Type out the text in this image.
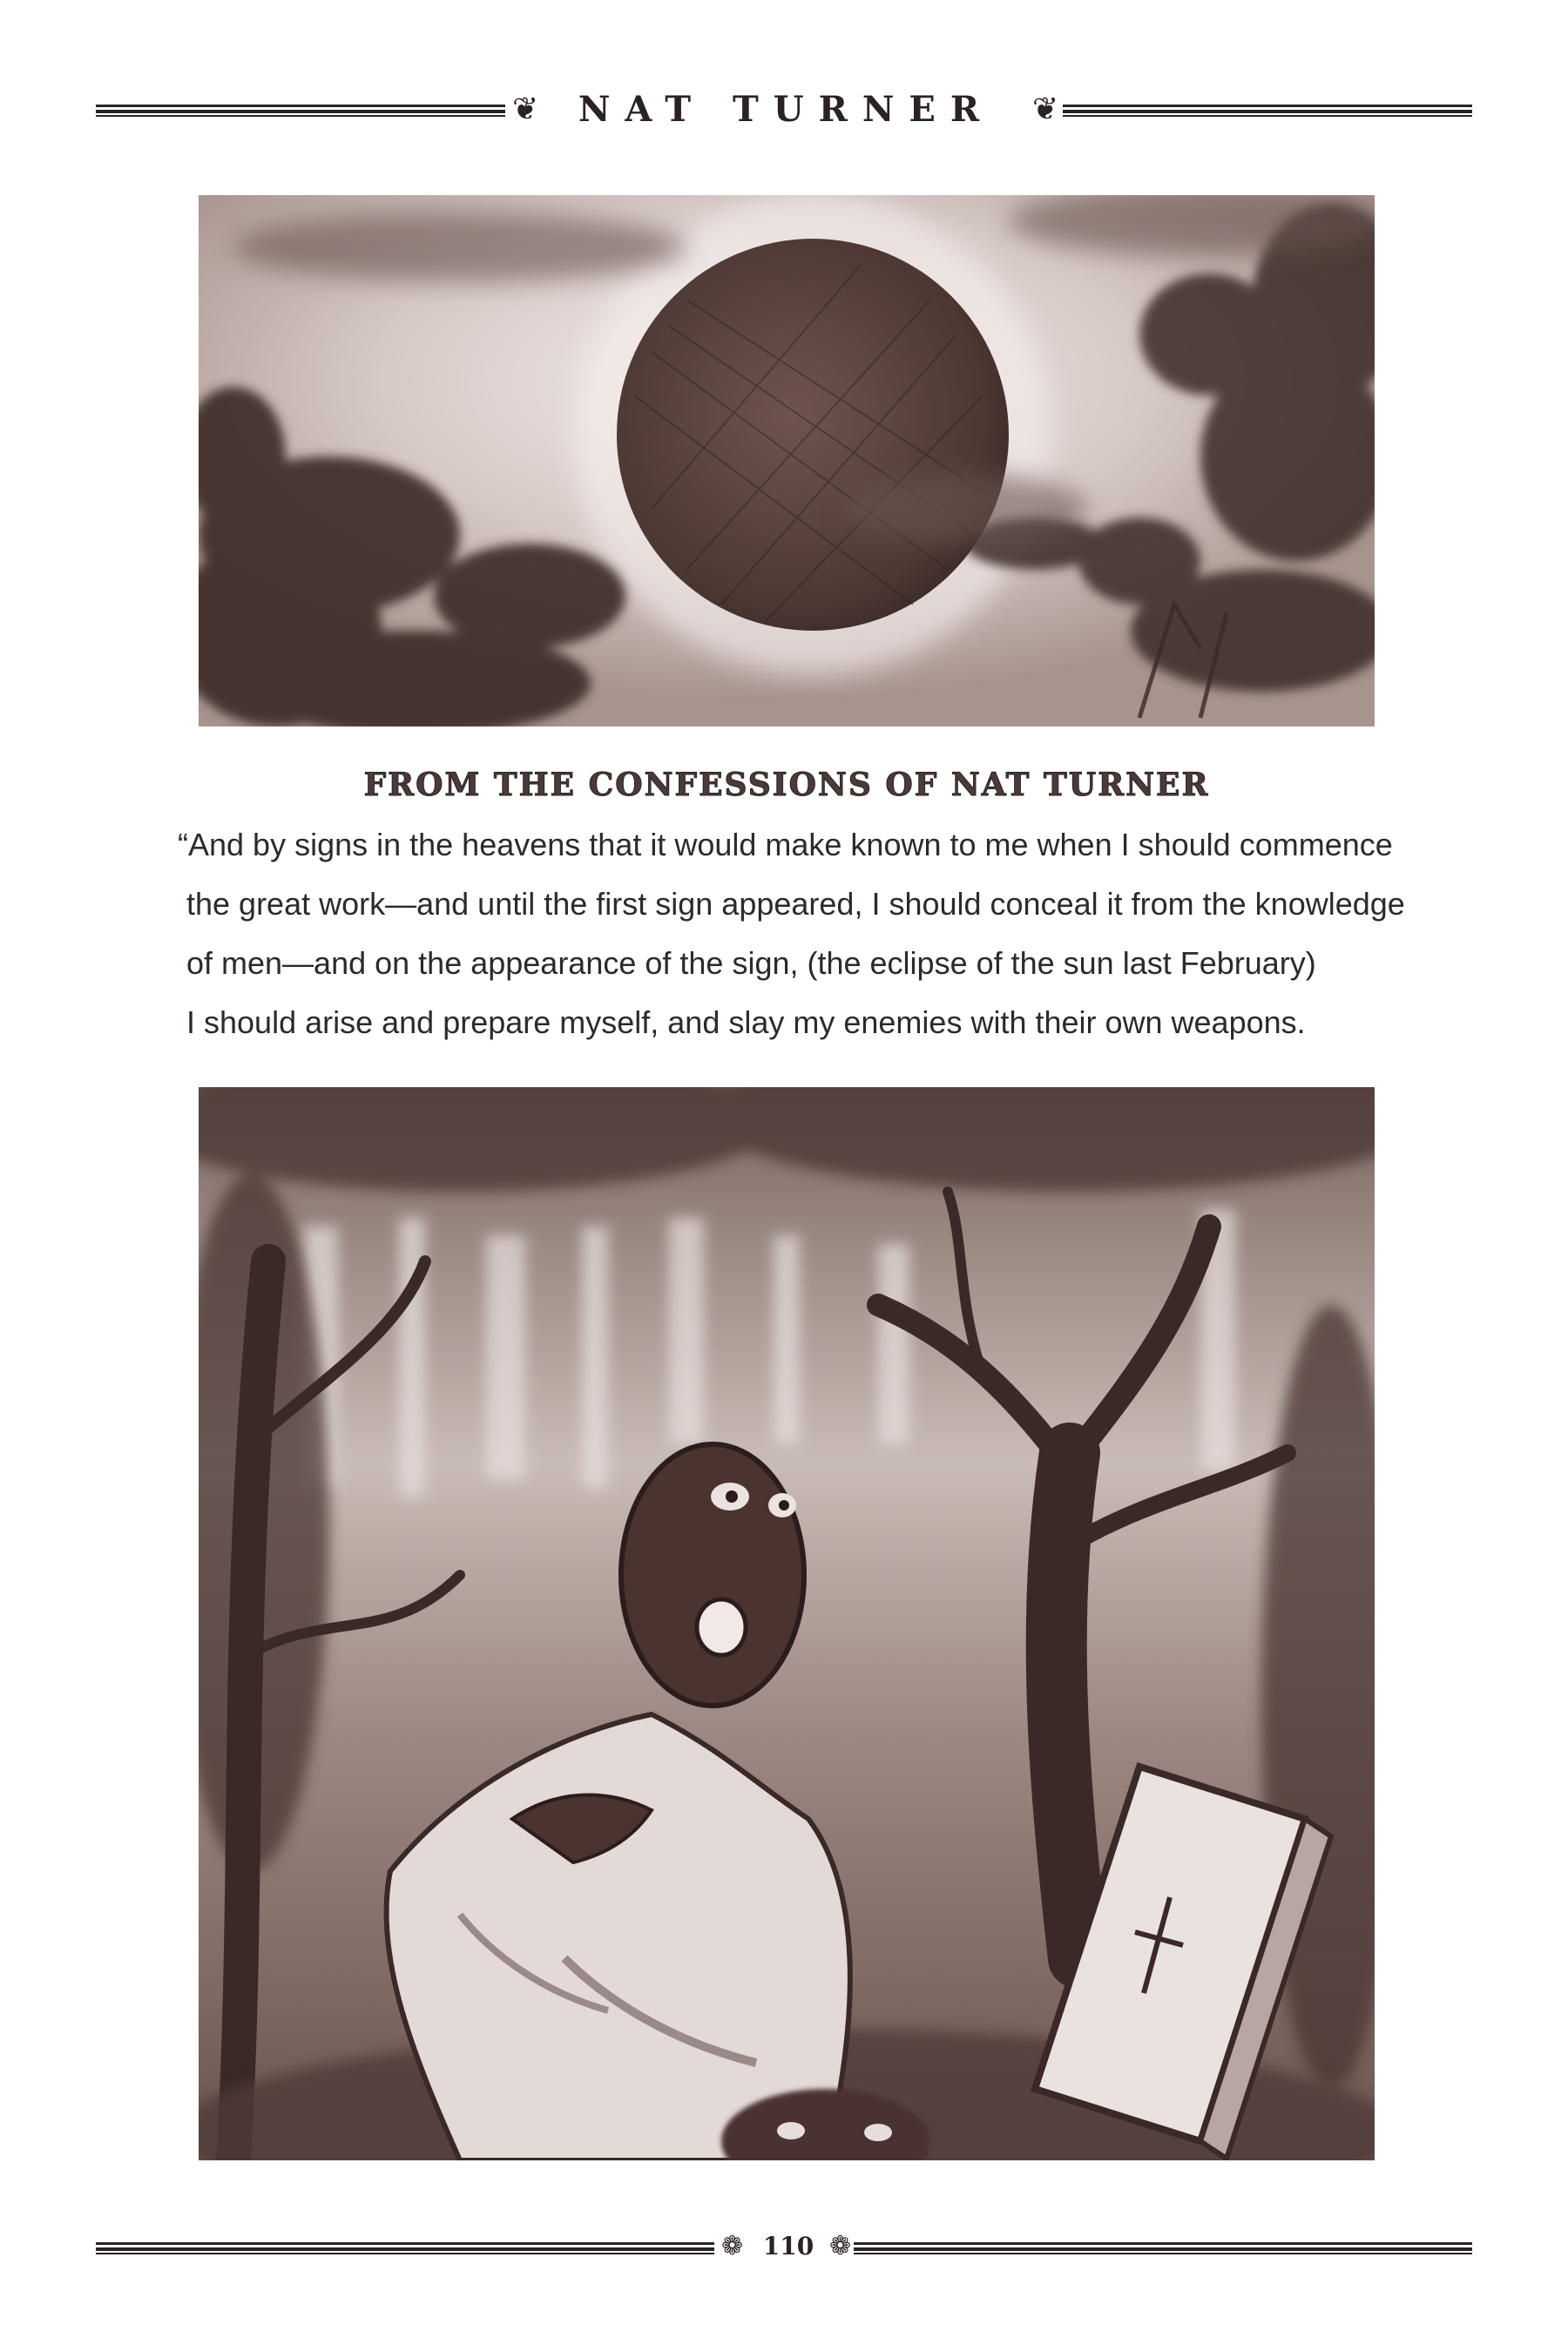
❦	NAT TURNER	❦
FROM THE CONFESSIONS OF NAT TURNER
“And by signs in the heavens that it would make known to me when I should commence
the great work—and until the first sign appeared, I should conceal it from the knowledge
of men—and on the appearance of the sign, (the eclipse of the sun last February)
I should arise and prepare myself, and slay my enemies with their own weapons.
❁ 110 ❁
